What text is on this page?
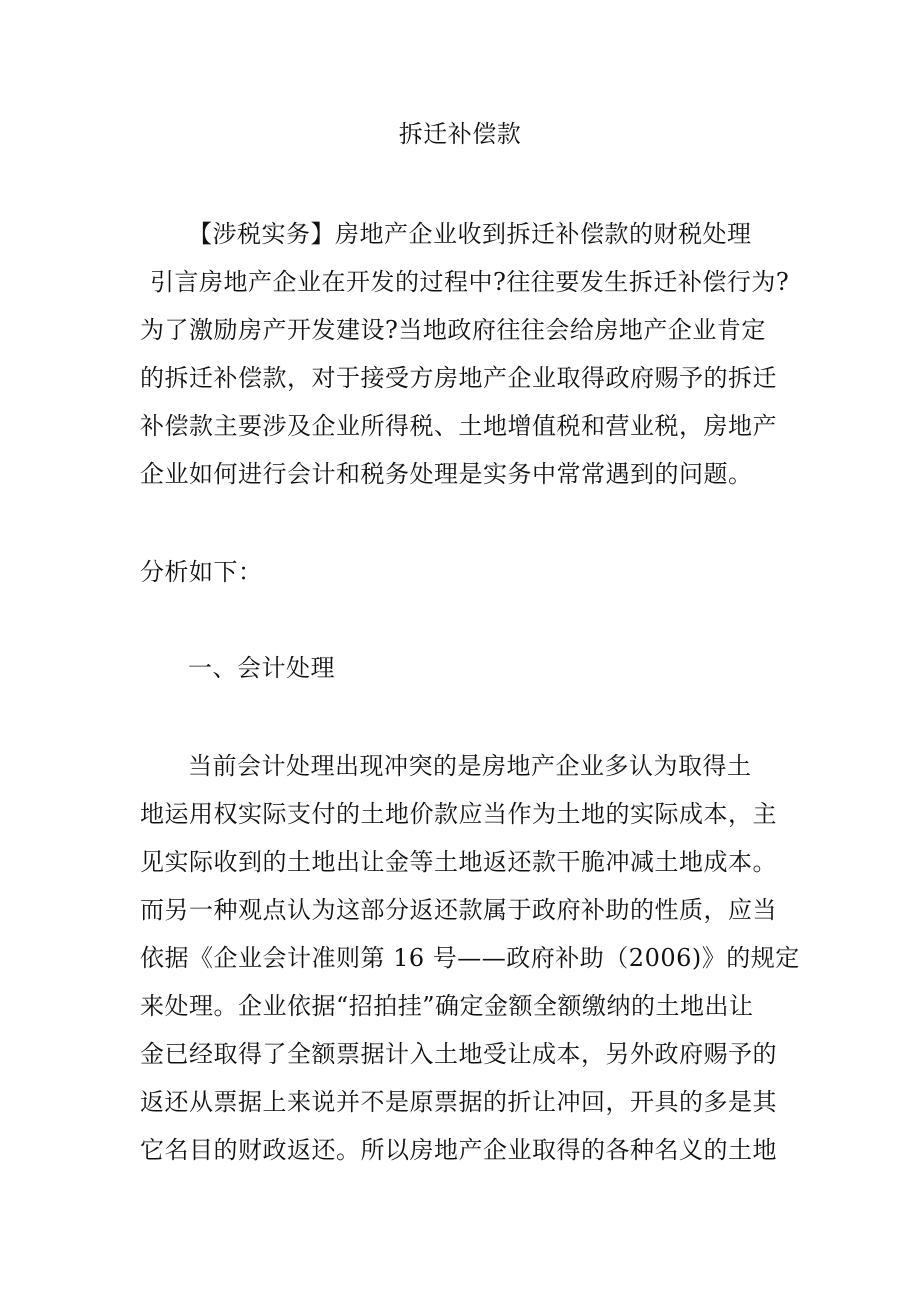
拆迁补偿款
【涉税实务】房地产企业收到拆迁补偿款的财税处理
引言房地产企业在开发的过程中?往往要发生拆迁补偿行为?
为了激励房产开发建设?当地政府往往会给房地产企业肯定
的拆迁补偿款，对于接受方房地产企业取得政府赐予的拆迁
补偿款主要涉及企业所得税、土地增值税和营业税，房地产
企业如何进行会计和税务处理是实务中常常遇到的问题。
分析如下：
一、会计处理
当前会计处理出现冲突的是房地产企业多认为取得土
地运用权实际支付的土地价款应当作为土地的实际成本，主
见实际收到的土地出让金等土地返还款干脆冲减土地成本。
而另一种观点认为这部分返还款属于政府补助的性质，应当
依据《企业会计准则第 16 号——政府补助（2006)》的规定
来处理。企业依据“招拍挂”确定金额全额缴纳的土地出让
金已经取得了全额票据计入土地受让成本，另外政府赐予的
返还从票据上来说并不是原票据的折让冲回，开具的多是其
它名目的财政返还。所以房地产企业取得的各种名义的土地
